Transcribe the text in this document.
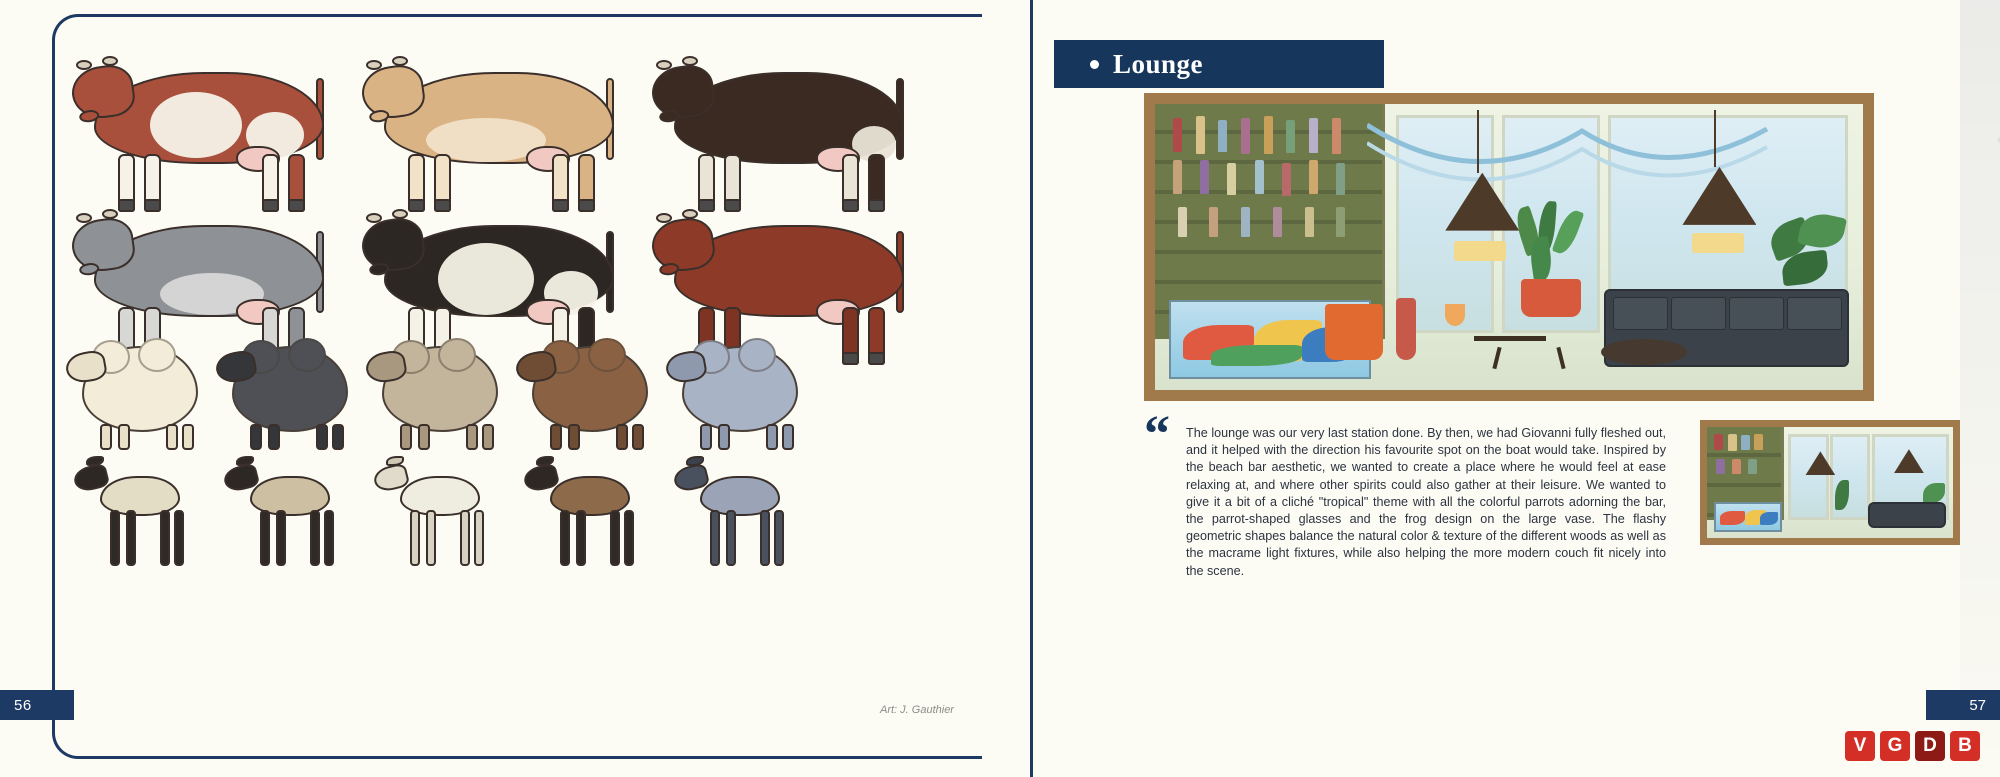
Art: J. Gauthier
56
Lounge
“ The lounge was our very last station done. By then, we had Giovanni fully fleshed out, and it helped with the direction his favourite spot on the boat would take. Inspired by the beach bar aesthetic, we wanted to create a place where he would feel at ease relaxing at, and where other spirits could also gather at their leisure. We wanted to give it a bit of a cliché "tropical" theme with all the colorful parrots adorning the bar, the parrot-shaped glasses and the frog design on the large vase. The flashy geometric shapes balance the natural color & texture of the different woods as well as the macrame light fixtures, while also helping the more modern couch fit nicely into the scene.
57
V	G	D	B
